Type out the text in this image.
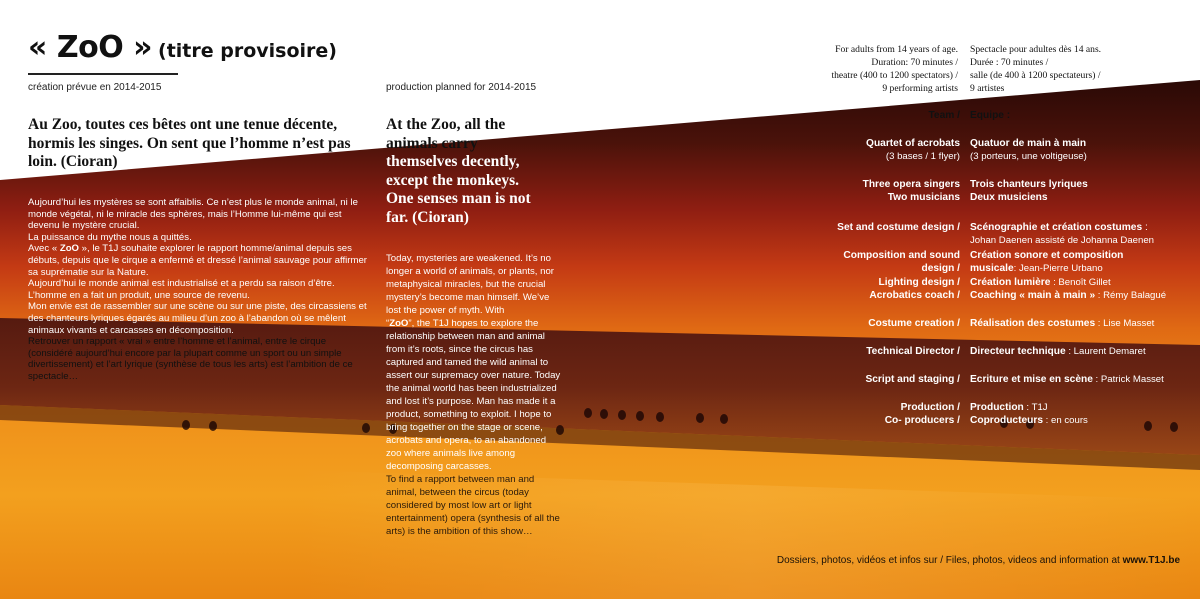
« ZoO » (titre provisoire)
création prévue en 2014-2015	production planned for 2014-2015
Au Zoo, toutes ces bêtes ont une tenue décente, hormis les singes. On sent que l’homme n’est pas loin. (Cioran)
At the Zoo, all the
animals carry
themselves decently,
except the monkeys.
One senses man is not
far. (Cioran)

Aujourd’hui les mystères se sont affaiblis. Ce n’est plus le monde animal, ni le monde végétal, ni le miracle des sphères, mais l’Homme lui-même qui est devenu le mystère crucial.

La puissance du mythe nous a quittés.

Avec « ZoO », le T1J souhaite explorer le rapport homme/animal depuis ses débuts, depuis que le cirque a enfermé et dressé l’animal sauvage pour affirmer sa suprématie sur la Nature.

Aujourd’hui le monde animal est industrialisé et a perdu sa raison d’être.

L’homme en a fait un produit, une source de revenu.

Mon envie est de rassembler sur une scène ou sur une piste, des circassiens et des chanteurs lyriques égarés au milieu d’un zoo à l’abandon où se mêlent animaux vivants et carcasses en décomposition.

Retrouver un rapport « vrai » entre l’homme et l’animal, entre le cirque (considéré aujourd’hui encore par la plupart comme un sport ou un simple divertissement) et l’art lyrique (synthèse de tous les arts) est l’ambition de ce spectacle…

Today, mysteries are weakened. It’s no longer a world of animals, or plants, nor metaphysical miracles, but the crucial mystery’s become man himself. We’ve lost the power of myth. With

“ZoO”, the T1J hopes to explore the relationship between man and animal from it’s roots, since the circus has captured and tamed the wild animal to assert our supremacy over nature. Today the animal world has been industrialized and lost it’s purpose. Man has made it a product, something to exploit. I hope to bring together on the stage or scene, acrobats and opera, to an abandoned zoo where animals live among decomposing carcasses.

To find a rapport between man and animal, between the circus (today considered by most low art or light entertainment) opera (synthesis of all the arts) is the ambition of this show…

For adults from 14 years of age.
Duration: 70 minutes /
theatre (400 to 1200 spectators) /
9 performing artists
Spectacle pour adultes dès 14 ans.
Durée : 70 minutes /
salle (de 400 à 1200 spectateurs) /
9 artistes
Team / Equipe :
Quartet of acrobats
(3 bases / 1 flyer)
Quatuor de main à main
(3 porteurs, une voltigeuse)
Three opera singers
Two musicians
Trois chanteurs lyriques
Deux musiciens
Set and costume design / Scénographie et création costumes :
Johan Daenen assisté de Johanna Daenen
Composition and sound
design /
Création sonore et composition
musicale: Jean-Pierre Urbano
Lighting design / Création lumière : Benoît Gillet
Acrobatics coach / Coaching « main à main » : Rémy Balagué
Costume creation / Réalisation des costumes : Lise Masset
Technical Director / Directeur technique : Laurent Demaret
Script and staging / Ecriture et mise en scène : Patrick Masset
Production /
Co- producers /
Production : T1J
Coproducteurs : en cours
Dossiers, photos, vidéos et infos sur / Files, photos, videos and information at www.T1J.be
